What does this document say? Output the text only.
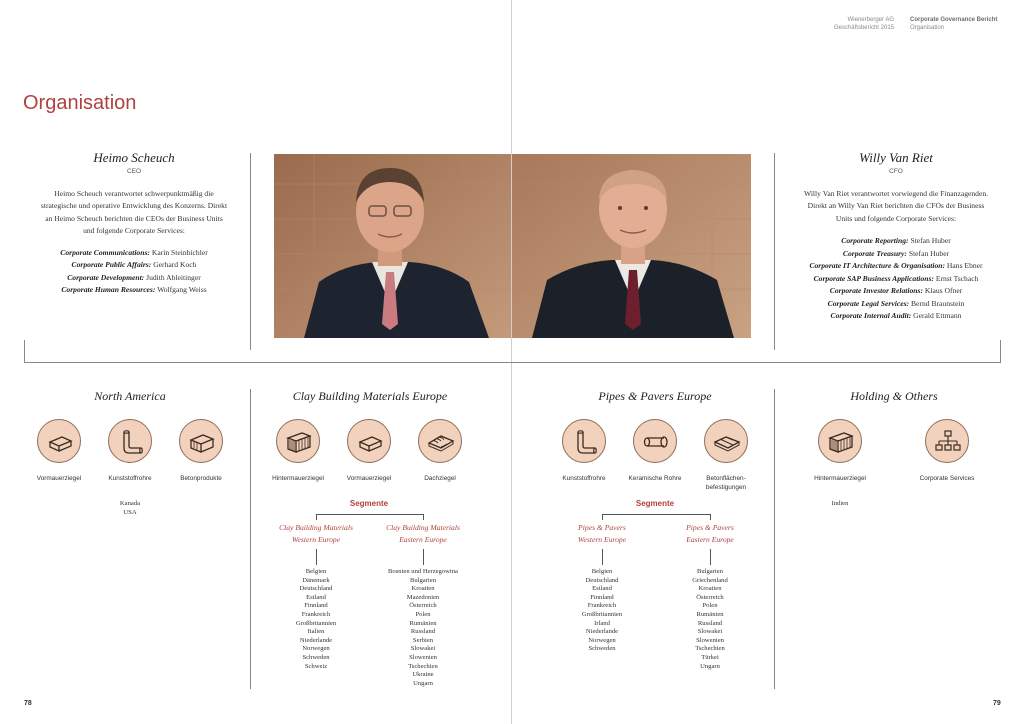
Wienerberger AG
Geschäftsbericht 2015
Corporate Governance Bericht
Organisation
Organisation
Heimo Scheuch
CEO
Heimo Scheuch verantwortet schwerpunktmäßig die strategische und operative Entwicklung des Konzerns. Direkt an Heimo Scheuch berichten die CEOs der Business Units und folgende Corporate Services:
Corporate Communications: Karin Steinbichler
Corporate Public Affairs: Gerhard Koch
Corporate Development: Judith Ableitinger
Corporate Human Resources: Wolfgang Weiss
Willy Van Riet
CFO
Willy Van Riet verantwortet vorwiegend die Finanzagenden. Direkt an Willy Van Riet berichten die CFOs der Business Units und folgende Corporate Services:
Corporate Reporting: Stefan Huber
Corporate Treasury: Stefan Huber
Corporate IT Architecture & Organisation: Hans Ebner
Corporate SAP Business Applications: Ernst Tschach
Corporate Investor Relations: Klaus Ofner
Corporate Legal Services: Bernd Braunstein
Corporate Internal Audit: Gerald Ettmann
North America
Vormauerziegel	Kunststoffrohre	Betonprodukte
Kanada
USA
Clay Building Materials Europe
Hintermauerziegel	Vormauerziegel	Dachziegel
Segmente
Clay Building Materials
Western Europe
Clay Building Materials
Eastern Europe
Belgien
Dänemark
Deutschland
Estland
Finnland
Frankreich
Großbritannien
Italien
Niederlande
Norwegen
Schweden
Schweiz
Bosnien und Herzegowina
Bulgarien
Kroatien
Mazedonien
Österreich
Polen
Rumänien
Russland
Serbien
Slowakei
Slowenien
Tschechien
Ukraine
Ungarn
Pipes & Pavers Europe
Kunststoffrohre	Keramische Rohre	Betonflächen-
befestigungen
Segmente
Pipes & Pavers
Western Europe
Pipes & Pavers
Eastern Europe
Belgien
Deutschland
Estland
Finnland
Frankreich
Großbritannien
Irland
Niederlande
Norwegen
Schweden
Bulgarien
Griechenland
Kroatien
Österreich
Polen
Rumänien
Russland
Slowakei
Slowenien
Tschechien
Türkei
Ungarn
Holding & Others
Hintermauerziegel	Corporate Services
Indien
78	79
